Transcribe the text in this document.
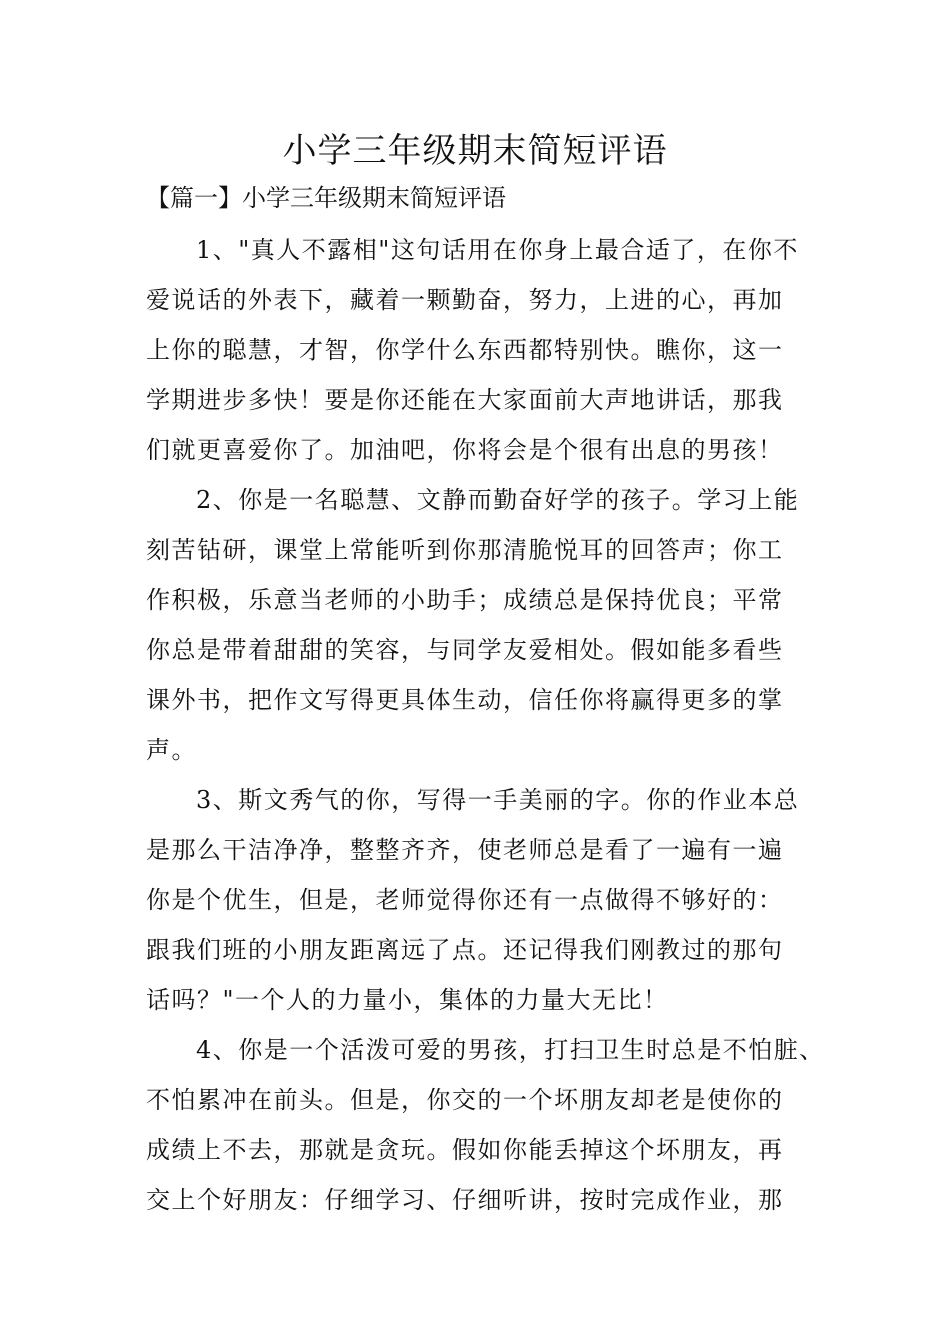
小学三年级期末简短评语
【篇一】小学三年级期末简短评语
1、"真人不露相"这句话用在你身上最合适了，在你不
爱说话的外表下，藏着一颗勤奋，努力，上进的心，再加
上你的聪慧，才智，你学什么东西都特别快。瞧你，这一
学期进步多快！要是你还能在大家面前大声地讲话，那我
们就更喜爱你了。加油吧，你将会是个很有出息的男孩！
2、你是一名聪慧、文静而勤奋好学的孩子。学习上能
刻苦钻研，课堂上常能听到你那清脆悦耳的回答声；你工
作积极，乐意当老师的小助手；成绩总是保持优良；平常
你总是带着甜甜的笑容，与同学友爱相处。假如能多看些
课外书，把作文写得更具体生动，信任你将赢得更多的掌
声。
3、斯文秀气的你，写得一手美丽的字。你的作业本总
是那么干洁净净，整整齐齐，使老师总是看了一遍有一遍
你是个优生，但是，老师觉得你还有一点做得不够好的：
跟我们班的小朋友距离远了点。还记得我们刚教过的那句
话吗？"一个人的力量小，集体的力量大无比！
4、你是一个活泼可爱的男孩，打扫卫生时总是不怕脏、
不怕累冲在前头。但是，你交的一个坏朋友却老是使你的
成绩上不去，那就是贪玩。假如你能丢掉这个坏朋友，再
交上个好朋友：仔细学习、仔细听讲，按时完成作业，那
